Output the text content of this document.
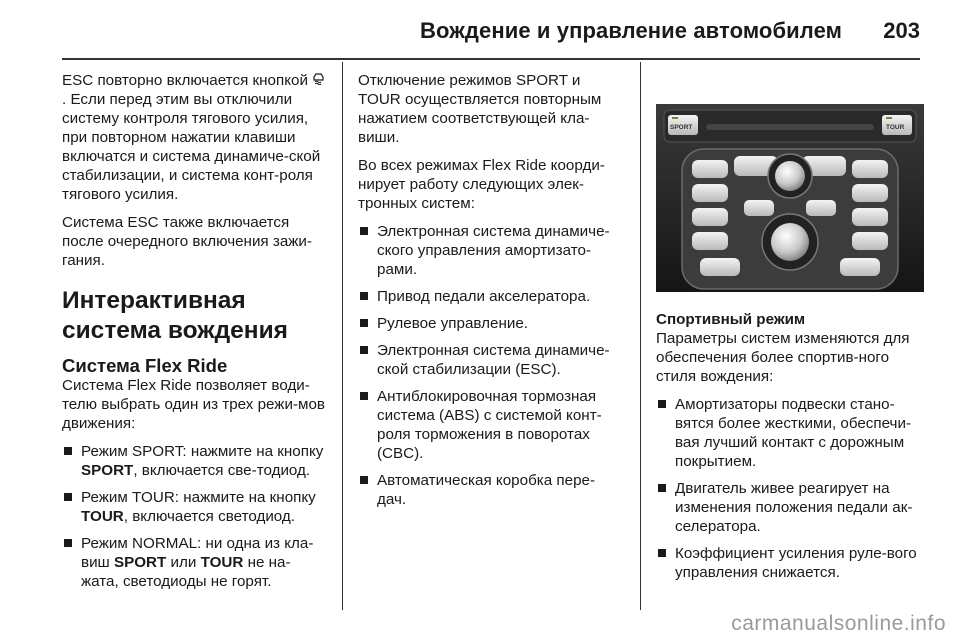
Вождение и управление автомобилем 203

ESC повторно включается кнопкой . Если перед этим вы отключили систему контроля тягового усилия, при повторном нажатии клавиши включатся и система динамиче-ской стабилизации, и система конт-роля тягового усилия.

Система ESC также включается после очередного включения зажи-гания.

Интерактивная система вождения
Система Flex Ride

Система Flex Ride позволяет води-телю выбрать один из трех режи-мов движения:

Режим SPORT: нажмите на кнопку SPORT, включается све-тодиод.
Режим TOUR: нажмите на кнопку TOUR, включается светодиод.
Режим NORMAL: ни одна из кла-виш SPORT или TOUR не на-жата, светодиоды не горят.

Отключение режимов SPORT и TOUR осуществляется повторным нажатием соответствующей кла-виши.

Во всех режимах Flex Ride коорди-нирует работу следующих элек-тронных систем:

Электронная система динамиче-ского управления амортизато-рами.
Привод педали акселератора.
Рулевое управление.
Электронная система динамиче-ской стабилизации (ESC).
Антиблокировочная тормозная система (ABS) с системой конт-роля торможения в поворотах (CBC).
Автоматическая коробка пере-дач.
SPORT	TOUR
Спортивный режим

Параметры систем изменяются для обеспечения более спортив-ного стиля вождения:

Амортизаторы подвески стано-вятся более жесткими, обеспечи-вая лучший контакт с дорожным покрытием.
Двигатель живее реагирует на изменения положения педали ак-селератора.
Коэффициент усиления руле-вого управления снижается.
carmanualsonline.info
